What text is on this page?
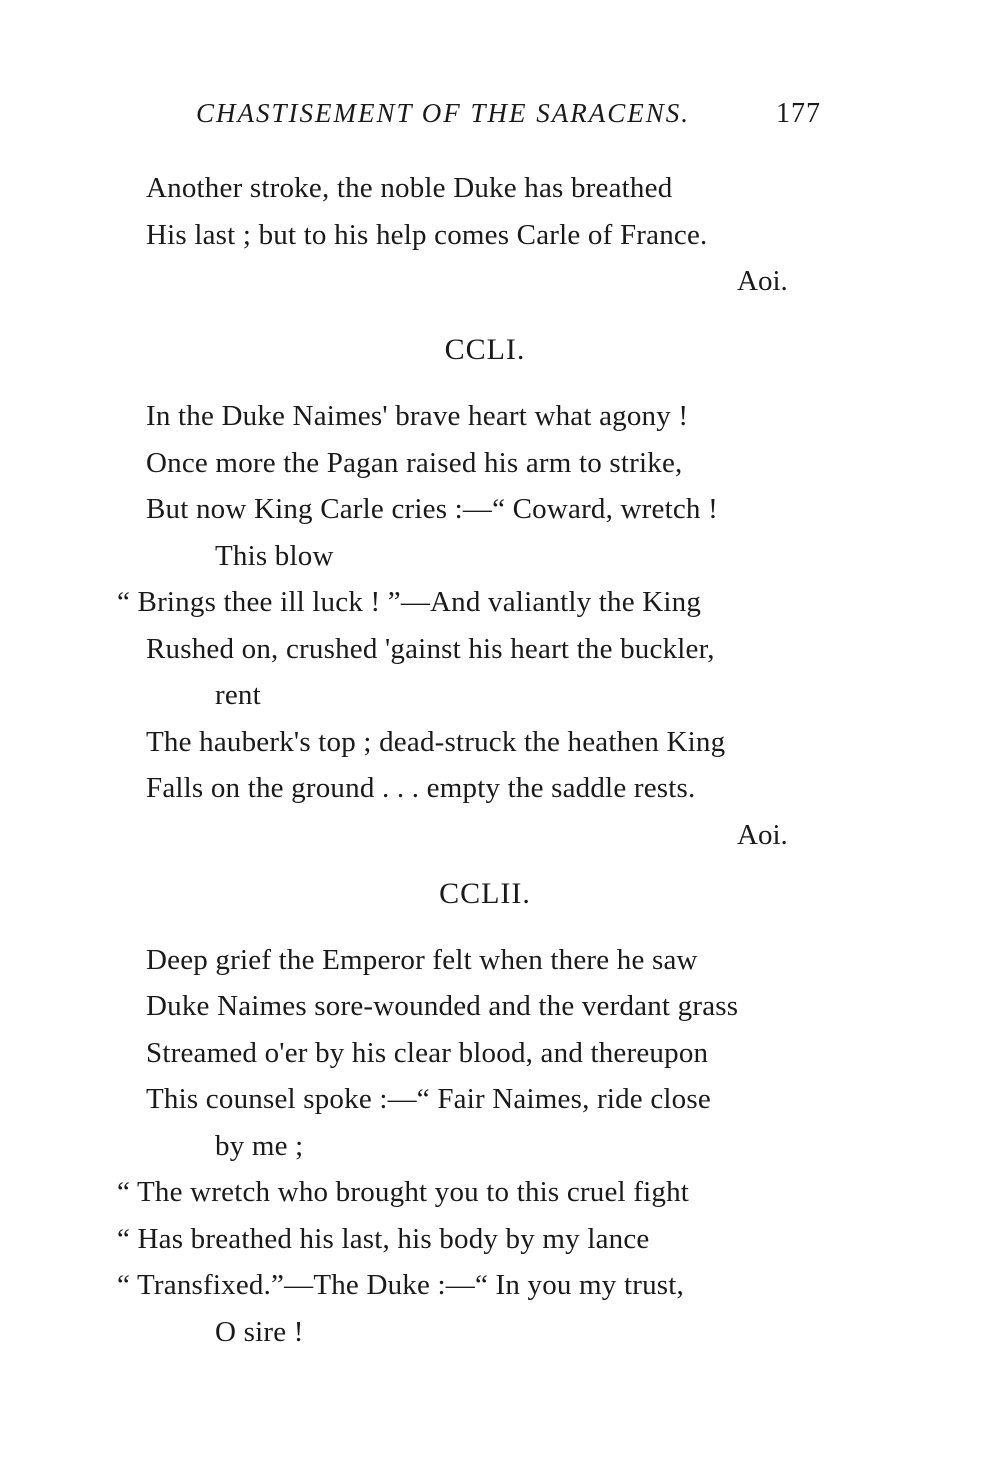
CHASTISEMENT OF THE SARACENS.	177
Another stroke, the noble Duke has breathed
His last ; but to his help comes Carle of France.
Aoi.
CCLI.
In the Duke Naimes' brave heart what agony !
Once more the Pagan raised his arm to strike,
But now King Carle cries :—“ Coward, wretch !
This blow
“ Brings thee ill luck ! ”—And valiantly the King
Rushed on, crushed 'gainst his heart the buckler,
rent
The hauberk's top ; dead-struck the heathen King
Falls on the ground . . . empty the saddle rests.
Aoi.
CCLII.
Deep grief the Emperor felt when there he saw
Duke Naimes sore-wounded and the verdant grass
Streamed o'er by his clear blood, and thereupon
This counsel spoke :—“ Fair Naimes, ride close
by me ;
“ The wretch who brought you to this cruel fight
“ Has breathed his last, his body by my lance
“ Transfixed.”—The Duke :—“ In you my trust,
O sire !
